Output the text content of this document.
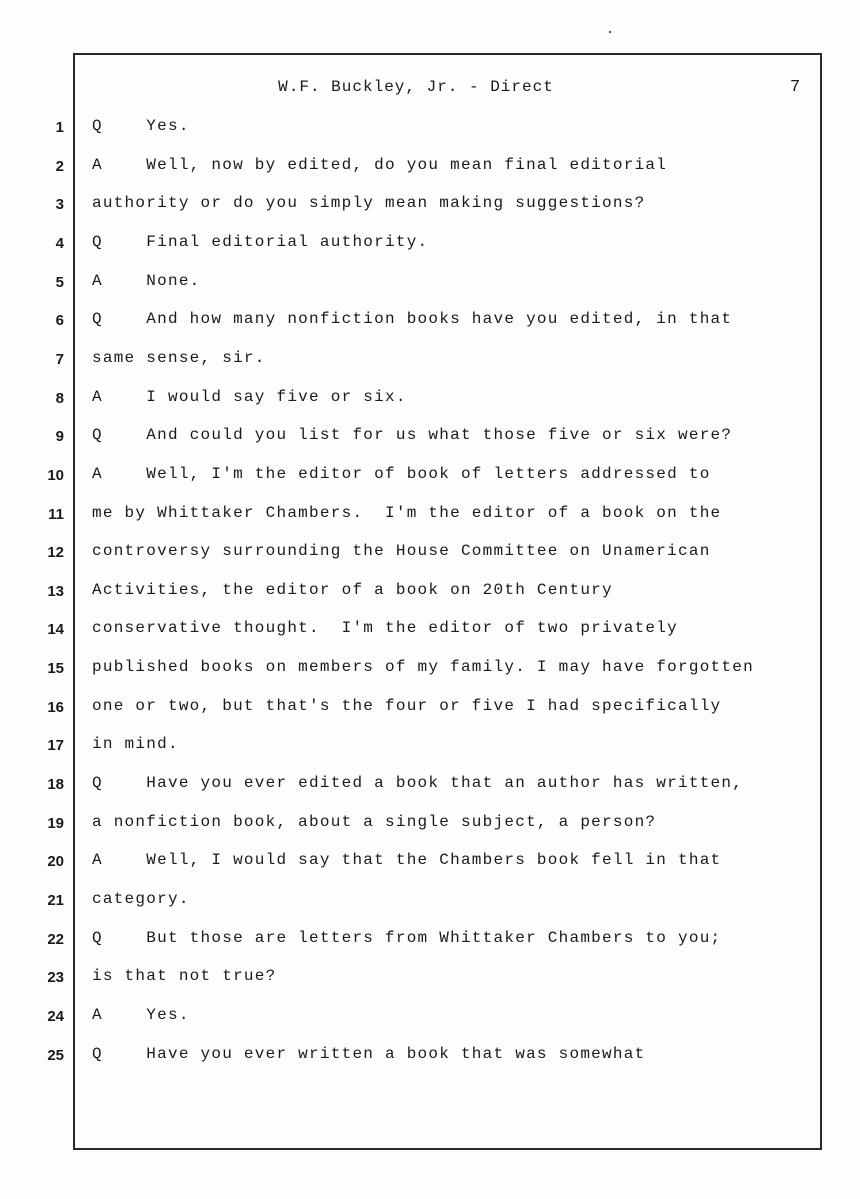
W.F. Buckley, Jr. - Direct	7
1 Q    Yes.
2 A    Well, now by edited, do you mean final editorial
3 authority or do you simply mean making suggestions?
4 Q    Final editorial authority.
5 A    None.
6 Q    And how many nonfiction books have you edited, in that
7 same sense, sir.
8 A    I would say five or six.
9 Q    And could you list for us what those five or six were?
10 A    Well, I'm the editor of book of letters addressed to
11 me by Whittaker Chambers.  I'm the editor of a book on the
12 controversy surrounding the House Committee on Unamerican
13 Activities, the editor of a book on 20th Century
14 conservative thought.  I'm the editor of two privately
15 published books on members of my family. I may have forgotten
16 one or two, but that's the four or five I had specifically
17 in mind.
18 Q    Have you ever edited a book that an author has written,
19 a nonfiction book, about a single subject, a person?
20 A    Well, I would say that the Chambers book fell in that
21 category.
22 Q    But those are letters from Whittaker Chambers to you;
23 is that not true?
24 A    Yes.
25 Q    Have you ever written a book that was somewhat
